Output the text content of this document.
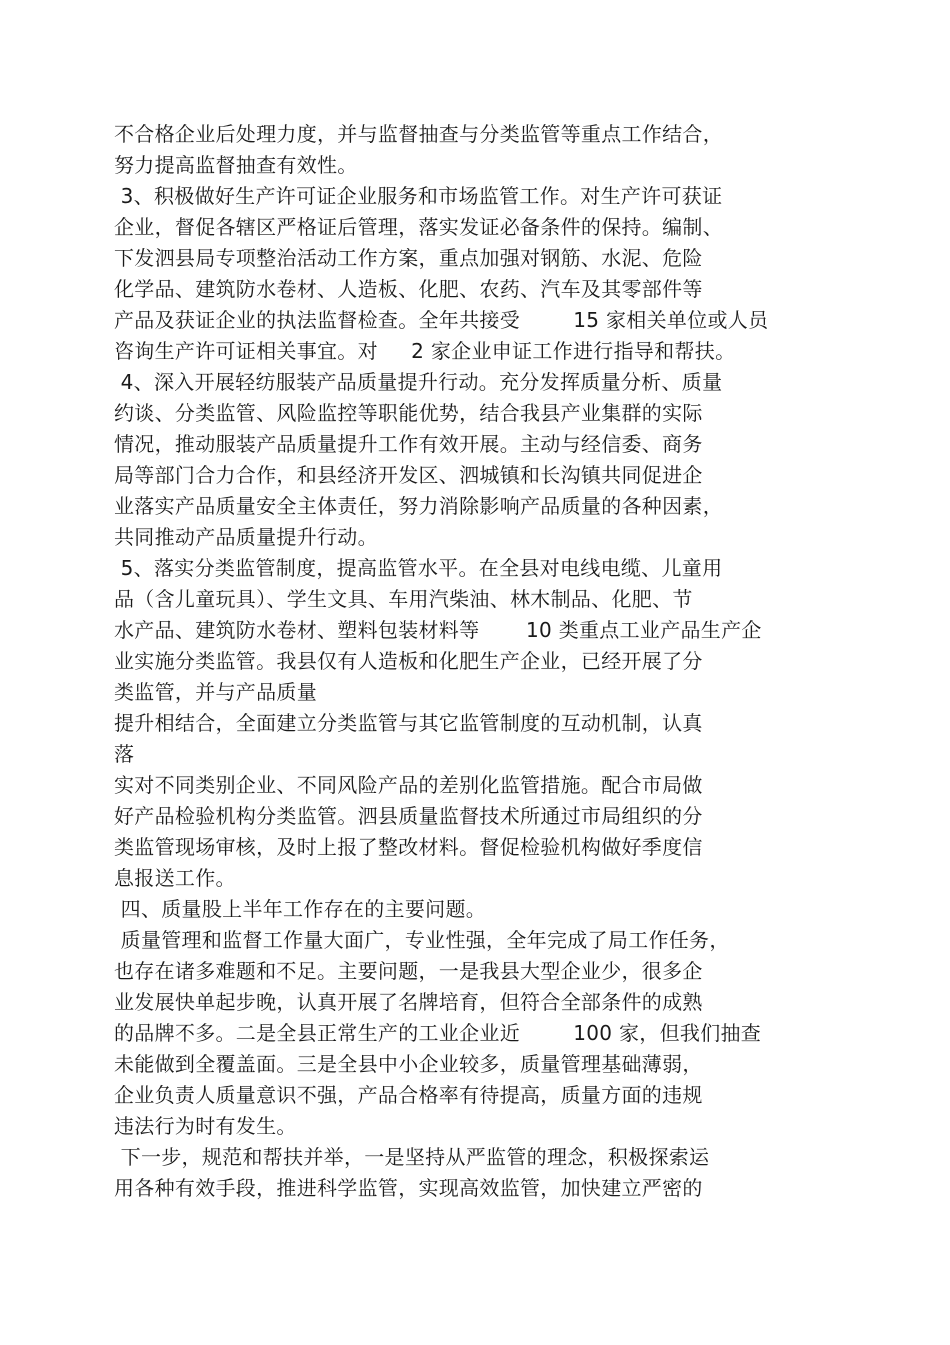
不合格企业后处理力度，并与监督抽查与分类监管等重点工作结合，
努力提高监督抽查有效性。
3、积极做好生产许可证企业服务和市场监管工作。对生产许可获证
企业，督促各辖区严格证后管理，落实发证必备条件的保持。编制、
下发泗县局专项整治活动工作方案，重点加强对钢筋、水泥、危险
化学品、建筑防水卷材、人造板、化肥、农药、汽车及其零部件等
产品及获证企业的执法监督检查。全年共接受        15 家相关单位或人员
咨询生产许可证相关事宜。对     2 家企业申证工作进行指导和帮扶。
4、深入开展轻纺服装产品质量提升行动。充分发挥质量分析、质量
约谈、分类监管、风险监控等职能优势，结合我县产业集群的实际
情况，推动服装产品质量提升工作有效开展。主动与经信委、商务
局等部门合力合作，和县经济开发区、泗城镇和长沟镇共同促进企
业落实产品质量安全主体责任，努力消除影响产品质量的各种因素，
共同推动产品质量提升行动。
5、落实分类监管制度，提高监管水平。在全县对电线电缆、儿童用
品（含儿童玩具）、学生文具、车用汽柴油、林木制品、化肥、节
水产品、建筑防水卷材、塑料包装材料等       10 类重点工业产品生产企
业实施分类监管。我县仅有人造板和化肥生产企业，已经开展了分
类监管，并与产品质量
提升相结合，全面建立分类监管与其它监管制度的互动机制，认真
落
实对不同类别企业、不同风险产品的差别化监管措施。配合市局做
好产品检验机构分类监管。泗县质量监督技术所通过市局组织的分
类监管现场审核，及时上报了整改材料。督促检验机构做好季度信
息报送工作。
四、质量股上半年工作存在的主要问题。
质量管理和监督工作量大面广，专业性强，全年完成了局工作任务，
也存在诸多难题和不足。主要问题，一是我县大型企业少，很多企
业发展快单起步晚，认真开展了名牌培育，但符合全部条件的成熟
的品牌不多。二是全县正常生产的工业企业近        100 家，但我们抽查
未能做到全覆盖面。三是全县中小企业较多，质量管理基础薄弱，
企业负责人质量意识不强，产品合格率有待提高，质量方面的违规
违法行为时有发生。
下一步，规范和帮扶并举，一是坚持从严监管的理念，积极探索运
用各种有效手段，推进科学监管，实现高效监管，加快建立严密的
